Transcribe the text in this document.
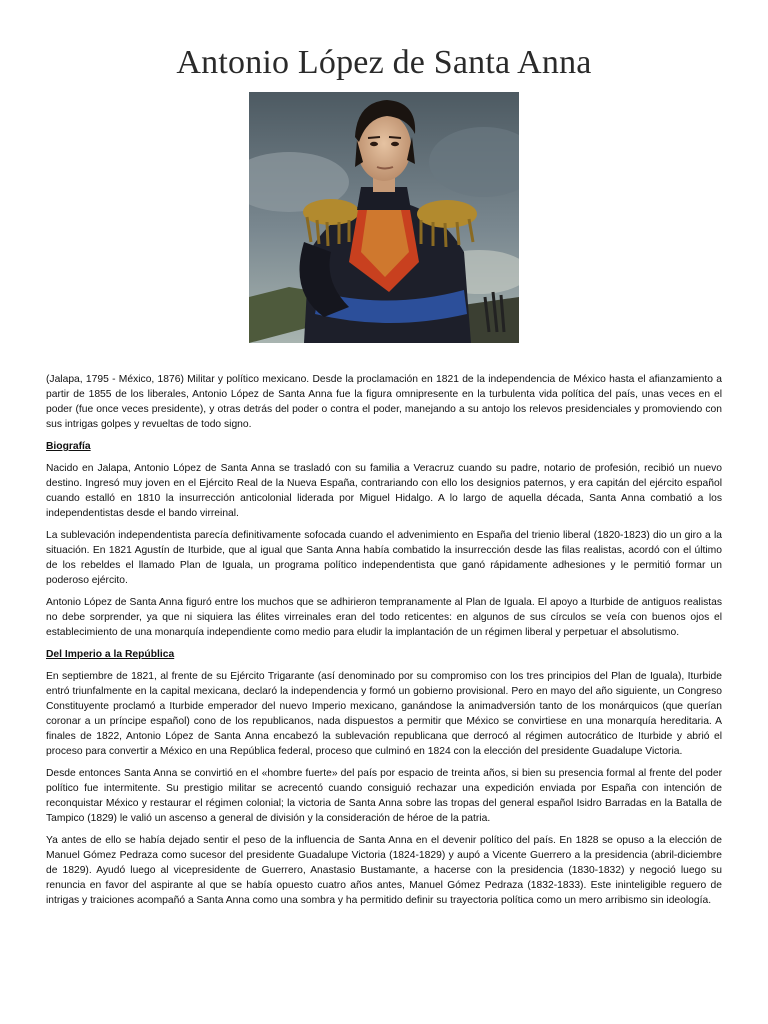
Antonio López de Santa Anna

(Jalapa, 1795 - México, 1876) Militar y político mexicano. Desde la proclamación en 1821 de la independencia de México hasta el afianzamiento a partir de 1855 de los liberales, Antonio López de Santa Anna fue la figura omnipresente en la turbulenta vida política del país, unas veces en el poder (fue once veces presidente), y otras detrás del poder o contra el poder, manejando a su antojo los relevos presidenciales y promoviendo con sus intrigas golpes y revueltas de todo signo.

Biografía

Nacido en Jalapa, Antonio López de Santa Anna se trasladó con su familia a Veracruz cuando su padre, notario de profesión, recibió un nuevo destino. Ingresó muy joven en el Ejército Real de la Nueva España, contrariando con ello los designios paternos, y era capitán del ejército español cuando estalló en 1810 la insurrección anticolonial liderada por Miguel Hidalgo. A lo largo de aquella década, Santa Anna combatió a los independentistas desde el bando virreinal.

La sublevación independentista parecía definitivamente sofocada cuando el advenimiento en España del trienio liberal (1820-1823) dio un giro a la situación. En 1821 Agustín de Iturbide, que al igual que Santa Anna había combatido la insurrección desde las filas realistas, acordó con el último de los rebeldes el llamado Plan de Iguala, un programa político independentista que ganó rápidamente adhesiones y le permitió formar un poderoso ejército.

Antonio López de Santa Anna figuró entre los muchos que se adhirieron tempranamente al Plan de Iguala. El apoyo a Iturbide de antiguos realistas no debe sorprender, ya que ni siquiera las élites virreinales eran del todo reticentes: en algunos de sus círculos se veía con buenos ojos el establecimiento de una monarquía independiente como medio para eludir la implantación de un régimen liberal y perpetuar el absolutismo.

Del Imperio a la República

En septiembre de 1821, al frente de su Ejército Trigarante (así denominado por su compromiso con los tres principios del Plan de Iguala), Iturbide entró triunfalmente en la capital mexicana, declaró la independencia y formó un gobierno provisional. Pero en mayo del año siguiente, un Congreso Constituyente proclamó a Iturbide emperador del nuevo Imperio mexicano, ganándose la animadversión tanto de los monárquicos (que querían coronar a un príncipe español) cono de los republicanos, nada dispuestos a permitir que México se convirtiese en una monarquía hereditaria. A finales de 1822, Antonio López de Santa Anna encabezó la sublevación republicana que derrocó al régimen autocrático de Iturbide y abrió el proceso para convertir a México en una República federal, proceso que culminó en 1824 con la elección del presidente Guadalupe Victoria.

Desde entonces Santa Anna se convirtió en el «hombre fuerte» del país por espacio de treinta años, si bien su presencia formal al frente del poder político fue intermitente. Su prestigio militar se acrecentó cuando consiguió rechazar una expedición enviada por España con intención de reconquistar México y restaurar el régimen colonial; la victoria de Santa Anna sobre las tropas del general español Isidro Barradas en la Batalla de Tampico (1829) le valió un ascenso a general de división y la consideración de héroe de la patria.

Ya antes de ello se había dejado sentir el peso de la influencia de Santa Anna en el devenir político del país. En 1828 se opuso a la elección de Manuel Gómez Pedraza como sucesor del presidente Guadalupe Victoria (1824-1829) y aupó a Vicente Guerrero a la presidencia (abril-diciembre de 1829). Ayudó luego al vicepresidente de Guerrero, Anastasio Bustamante, a hacerse con la presidencia (1830-1832) y negoció luego su renuncia en favor del aspirante al que se había opuesto cuatro años antes, Manuel Gómez Pedraza (1832-1833). Este ininteligible reguero de intrigas y traiciones acompañó a Santa Anna como una sombra y ha permitido definir su trayectoria política como un mero arribismo sin ideología.
